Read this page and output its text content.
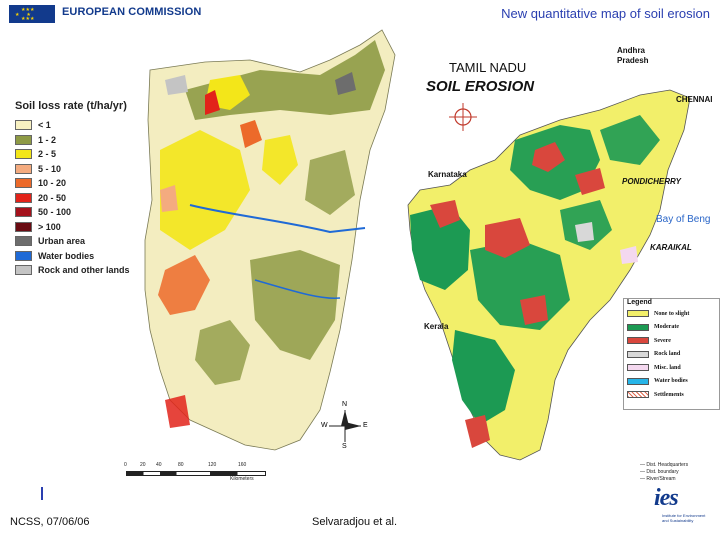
★★★
★     ★
★★★
EUROPEAN COMMISSION	New quantitative map of soil erosion
Soil loss rate (t/ha/yr)
< 1
1 - 2
2 - 5
5 - 10
10 - 20
20 - 50
50 - 100
> 100
Urban area
Water bodies
Rock and other lands
N
S
E
W
0	20 40	80	120	160
Kilometers
TAMIL NADU
SOIL EROSION
Andhra Pradesh
CHENNAI
PONDICHERRY
Karnataka
Bay of Beng
KARAIKAL
Kerala
Legend
None to slight
Moderate
Severe
Rock land
Misc. land
Water bodies
Settlements
— Dist. Headquarters
— Dist. boundary
— River/Stream
NCSS, 07/06/06	Selvaradjou et al.
ies
Institute for Environment and Sustainability
